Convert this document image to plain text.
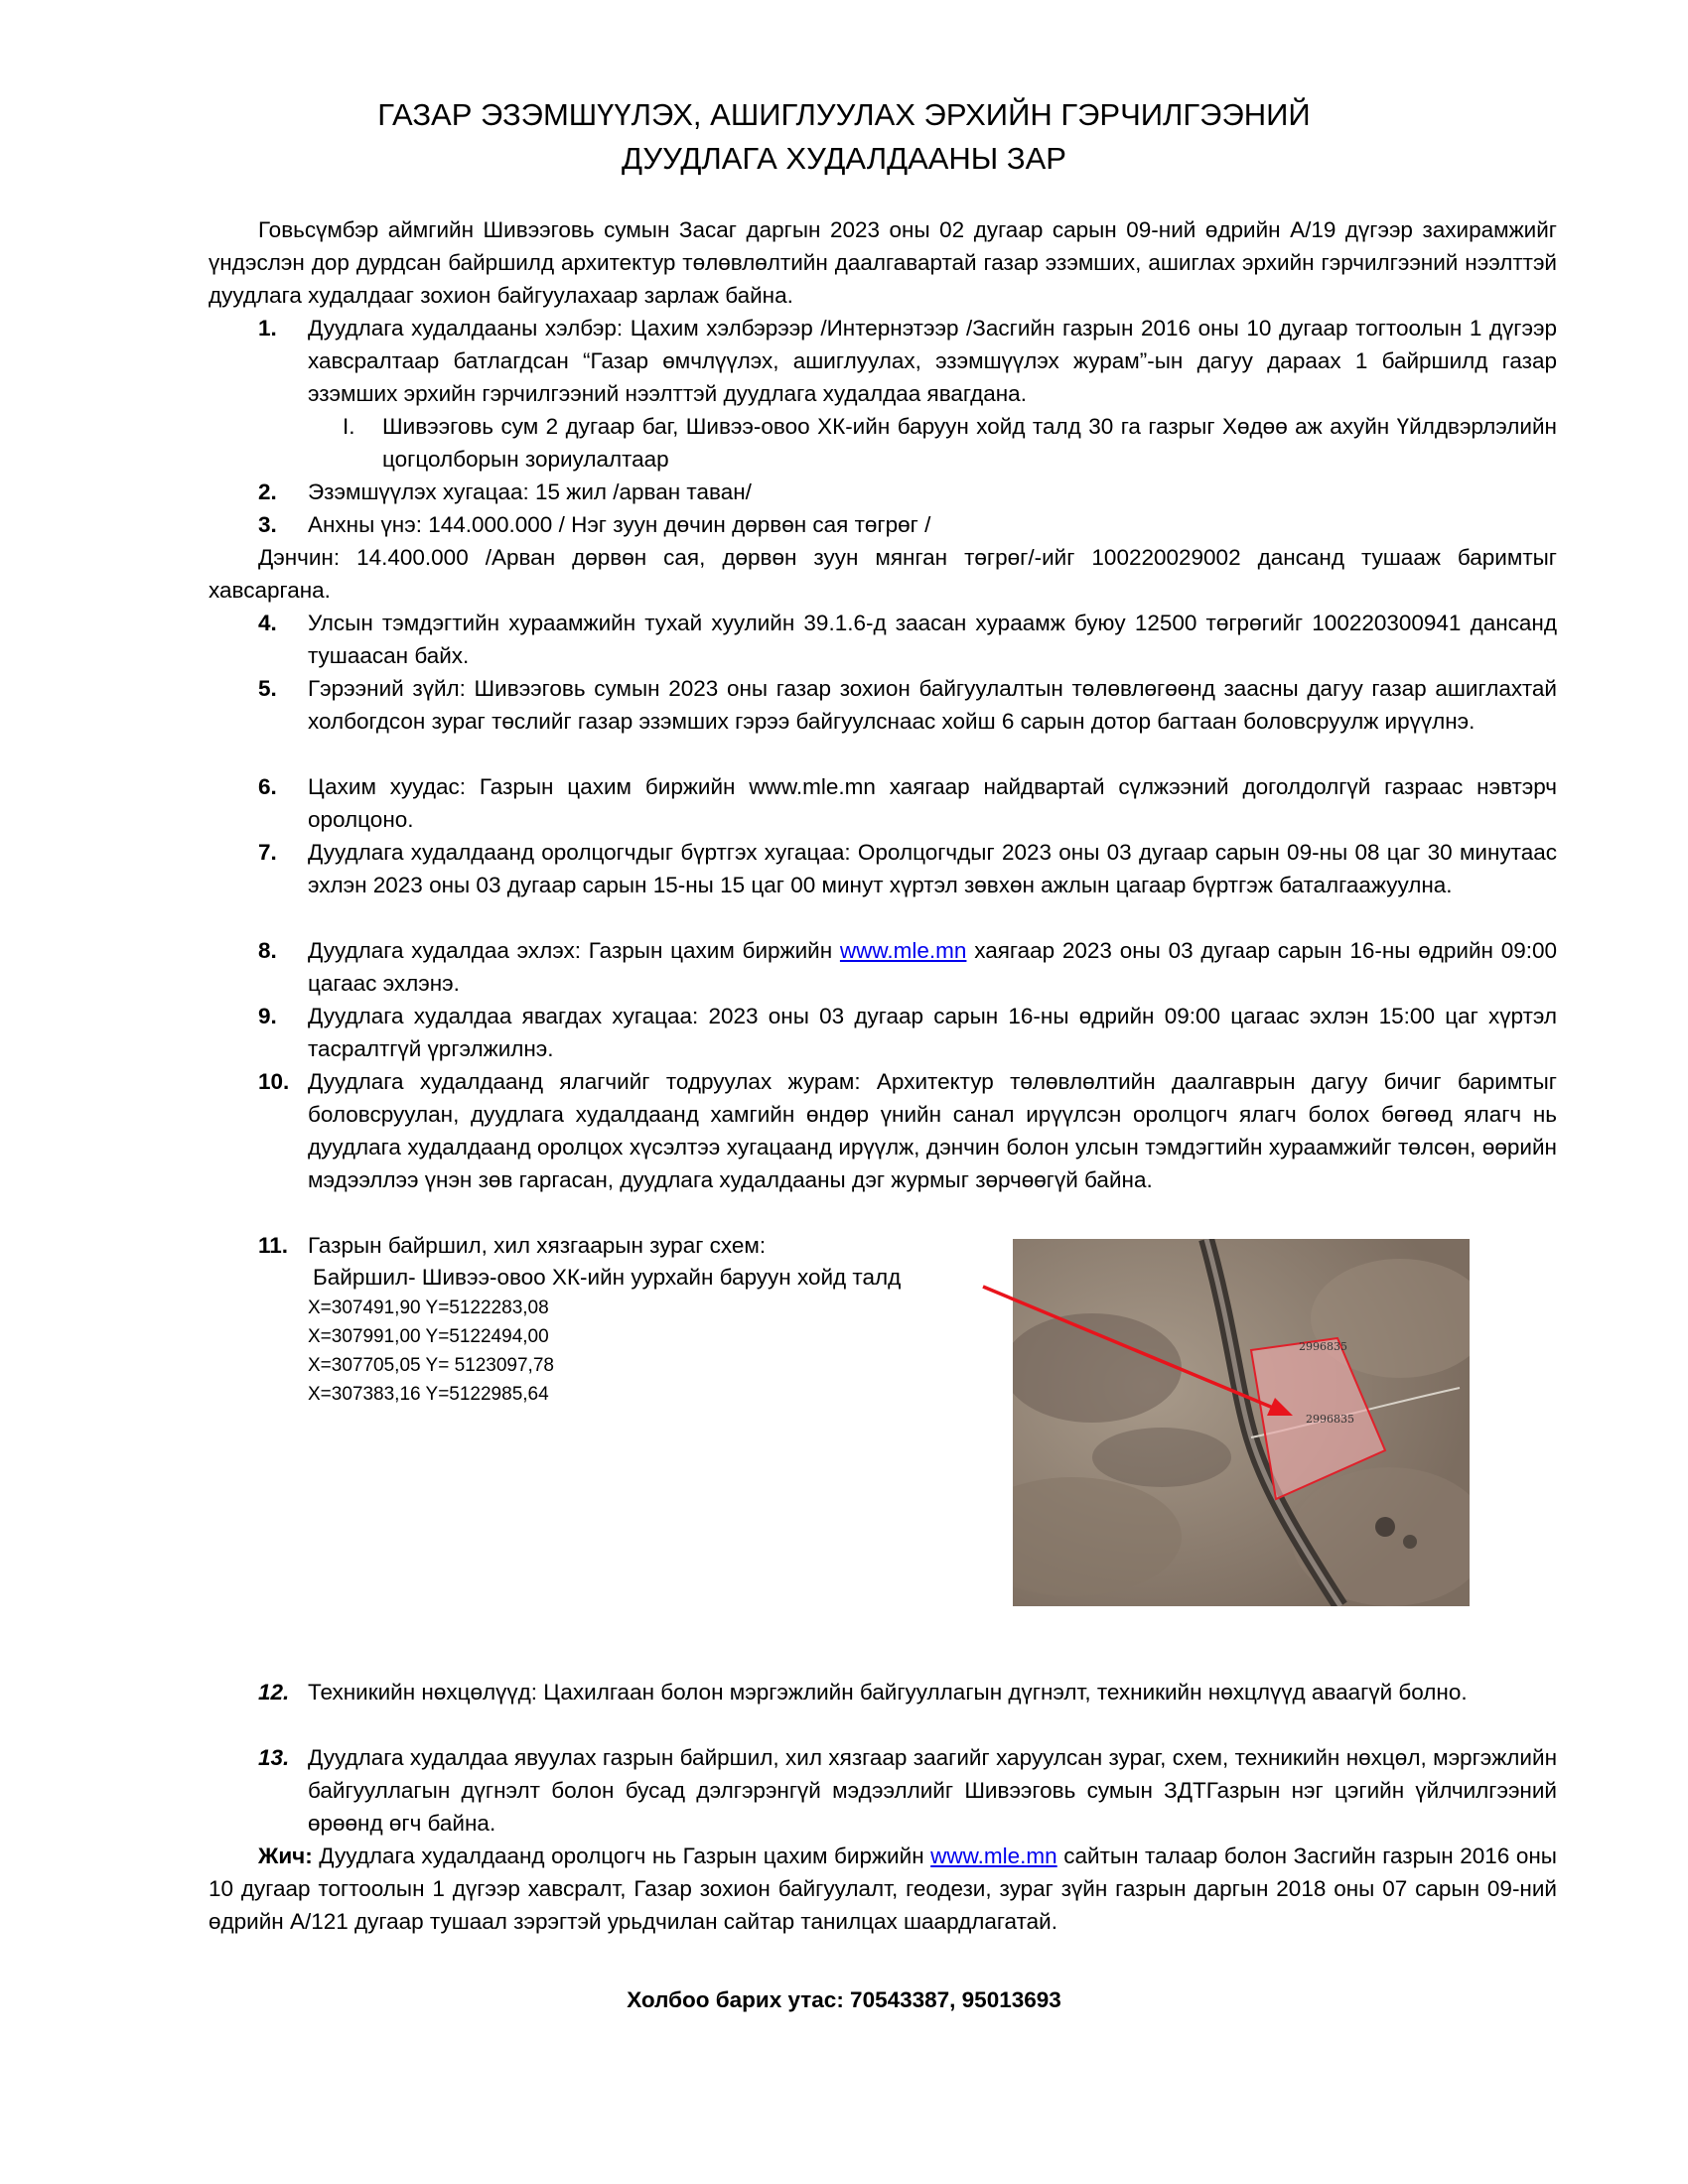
ГАЗАР ЭЗЭМШҮҮЛЭХ, АШИГЛУУЛАХ ЭРХИЙН ГЭРЧИЛГЭЭНИЙ
ДУУДЛАГА ХУДАЛДААНЫ ЗАР
Говьсүмбэр аймгийн Шивээговь сумын Засаг даргын 2023 оны 02 дугаар сарын 09-ний өдрийн А/19 дүгээр захирамжийг үндэслэн дор дурдсан байршилд архитектур төлөвлөлтийн даалгавартай газар эзэмших, ашиглах эрхийн гэрчилгээний нээлттэй дуудлага худалдааг зохион байгуулахаар зарлаж байна.
1. Дуудлага худалдааны хэлбэр: Цахим хэлбэрээр /Интернэтээр /Засгийн газрын 2016 оны 10 дугаар тогтоолын 1 дүгээр хавсралтаар батлагдсан “Газар өмчлүүлэх, ашиглуулах, эзэмшүүлэх журам”-ын дагуу дараах 1 байршилд газар эзэмших эрхийн гэрчилгээний нээлттэй дуудлага худалдаа явагдана.
I. Шивээговь сум 2 дугаар баг, Шивээ-овоо ХК-ийн баруун хойд талд 30 га газрыг Хөдөө аж ахуйн Үйлдвэрлэлийн цогцолборын зориулалтаар
2. Эзэмшүүлэх хугацаа: 15 жил /арван таван/
3. Анхны үнэ: 144.000.000 / Нэг зуун дөчин дөрвөн сая төгрөг /
Дэнчин: 14.400.000 /Арван дөрвөн сая, дөрвөн зуун мянган төгрөг/-ийг 100220029002 дансанд тушааж баримтыг хавсаргана.
4. Улсын тэмдэгтийн хураамжийн тухай хуулийн 39.1.6-д заасан хураамж буюу 12500 төгрөгийг 100220300941 дансанд тушаасан байх.
5. Гэрээний зүйл: Шивээговь сумын 2023 оны газар зохион байгуулалтын төлөвлөгөөнд заасны дагуу газар ашиглахтай холбогдсон зураг төслийг газар эзэмших гэрээ байгуулснаас хойш 6 сарын дотор багтаан боловсруулж ирүүлнэ.
6. Цахим хуудас: Газрын цахим биржийн www.mle.mn хаягаар найдвартай сүлжээний доголдолгүй газраас нэвтэрч оролцоно.
7. Дуудлага худалдаанд оролцогчдыг бүртгэх хугацаа: Оролцогчдыг 2023 оны 03 дугаар сарын 09-ны 08 цаг 30 минутаас эхлэн 2023 оны 03 дугаар сарын 15-ны 15 цаг 00 минут хүртэл зөвхөн ажлын цагаар бүртгэж баталгаажуулна.
8. Дуудлага худалдаа эхлэх: Газрын цахим биржийн www.mle.mn хаягаар 2023 оны 03 дугаар сарын 16-ны өдрийн 09:00 цагаас эхлэнэ.
9. Дуудлага худалдаа явагдах хугацаа: 2023 оны 03 дугаар сарын 16-ны өдрийн 09:00 цагаас эхлэн 15:00 цаг хүртэл тасралтгүй үргэлжилнэ.
10. Дуудлага худалдаанд ялагчийг тодруулах журам: Архитектур төлөвлөлтийн даалгаврын дагуу бичиг баримтыг боловсруулан, дуудлага худалдаанд хамгийн өндөр үнийн санал ирүүлсэн оролцогч ялагч болох бөгөөд ялагч нь дуудлага худалдаанд оролцох хүсэлтээ хугацаанд ирүүлж, дэнчин болон улсын тэмдэгтийн хураамжийг төлсөн, өөрийн мэдээллээ үнэн зөв гаргасан, дуудлага худалдааны дэг журмыг зөрчөөгүй байна.
11. Газрын байршил, хил хязгаарын зураг схем:
Байршил- Шивээ-овоо ХК-ийн уурхайн баруун хойд талд
12. Техникийн нөхцөлүүд: Цахилгаан болон мэргэжлийн байгууллагын дүгнэлт, техникийн нөхцлүүд аваагүй болно.
13. Дуудлага худалдаа явуулах газрын байршил, хил хязгаар заагийг харуулсан зураг, схем, техникийн нөхцөл, мэргэжлийн байгууллагын дүгнэлт болон бусад дэлгэрэнгүй мэдээллийг Шивээговь сумын ЗДТГазрын нэг цэгийн үйлчилгээний өрөөнд өгч байна.
Жич: Дуудлага худалдаанд оролцогч нь Газрын цахим биржийн www.mle.mn сайтын талаар болон Засгийн газрын 2016 оны 10 дугаар тогтоолын 1 дүгээр хавсралт, Газар зохион байгуулалт, геодези, зураг зүйн газрын даргын 2018 оны 07 сарын 09-ний өдрийн А/121 дугаар тушаал зэрэгтэй урьдчилан сайтар танилцах шаардлагатай.
X=307491,90 Y=5122283,08
X=307991,00 Y=5122494,00
X=307705,05 Y= 5123097,78
X=307383,16 Y=5122985,64
2996835
2996835
Холбоо барих утас: 70543387, 95013693
